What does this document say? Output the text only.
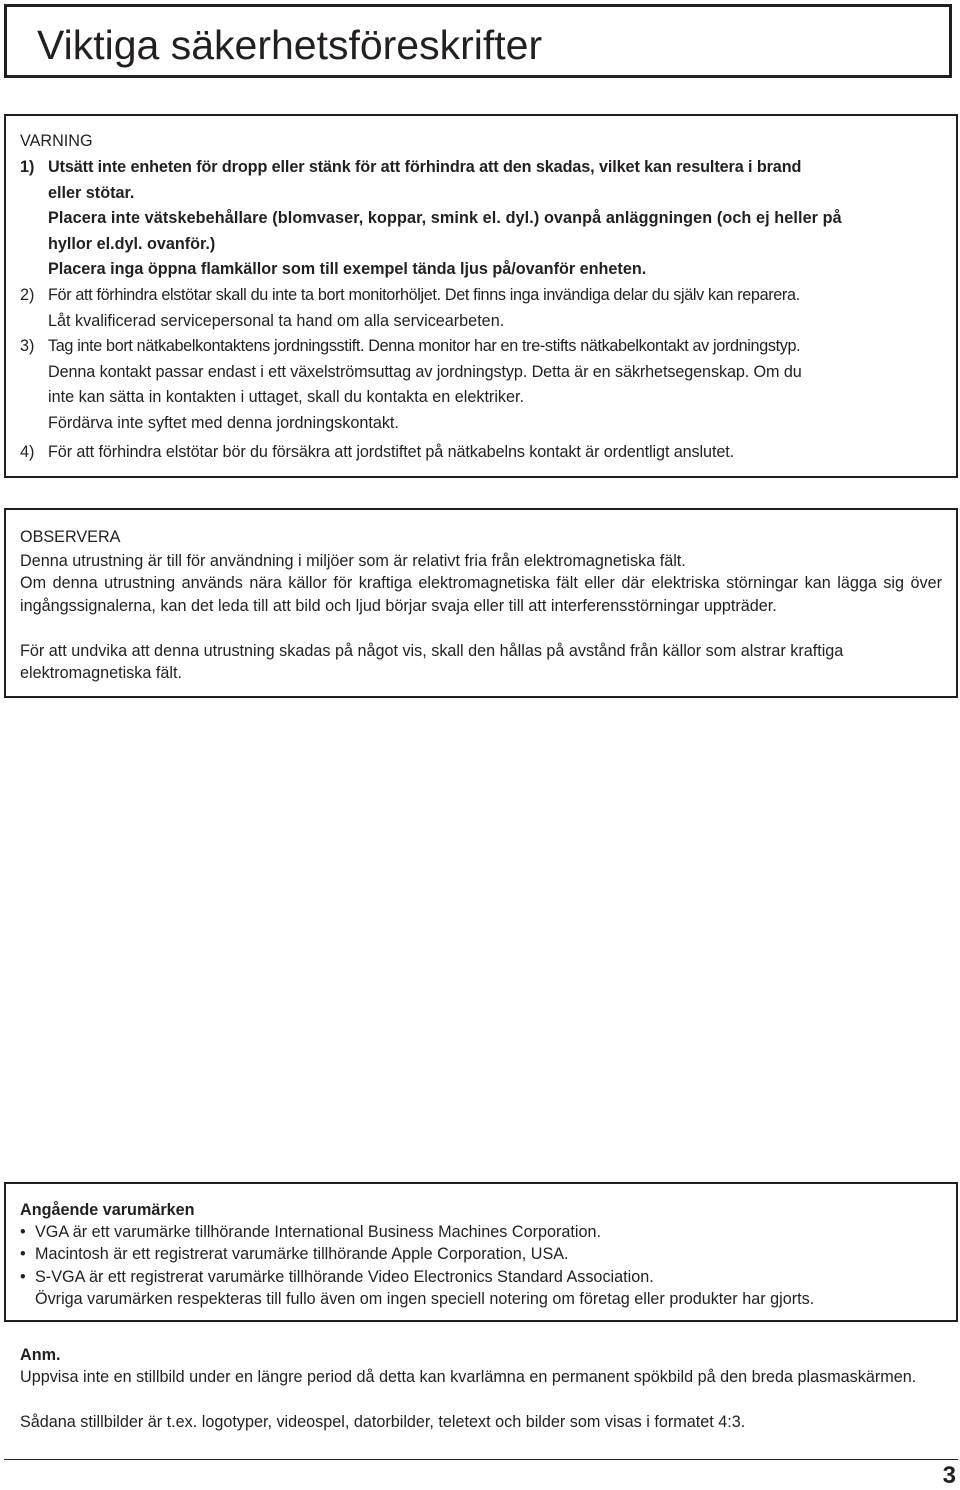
Viktiga säkerhetsföreskrifter
VARNING
1) Utsätt inte enheten för dropp eller stänk för att förhindra att den skadas, vilket kan resultera i brand
eller stötar.
Placera inte vätskebehållare (blomvaser, koppar, smink el. dyl.) ovanpå anläggningen (och ej heller på
hyllor el.dyl. ovanför.)
Placera inga öppna flamkällor som till exempel tända ljus på/ovanför enheten.
2) För att förhindra elstötar skall du inte ta bort monitorhöljet. Det finns inga invändiga delar du själv kan reparera.
Låt kvalificerad servicepersonal ta hand om alla servicearbeten.
3) Tag inte bort nätkabelkontaktens jordningsstift. Denna monitor har en tre-stifts nätkabelkontakt av jordningstyp.
Denna kontakt passar endast i ett växelströmsuttag av jordningstyp. Detta är en säkrhetsegenskap. Om du
inte kan sätta in kontakten i uttaget, skall du kontakta en elektriker.
Fördärva inte syftet med denna jordningskontakt.
4) För att förhindra elstötar bör du försäkra att jordstiftet på nätkabelns kontakt är ordentligt anslutet.
OBSERVERA

Denna utrustning är till för användning i miljöer som är relativt fria från elektromagnetiska fält.

Om denna utrustning används nära källor för kraftiga elektromagnetiska fält eller där elektriska störningar kan lägga sig över ingångssignalerna, kan det leda till att bild och ljud börjar svaja eller till att interferensstörningar uppträder.

För att undvika att denna utrustning skadas på något vis, skall den hållas på avstånd från källor som alstrar kraftiga elektromagnetiska fält.

Angående varumärken
• VGA är ett varumärke tillhörande International Business Machines Corporation.
• Macintosh är ett registrerat varumärke tillhörande Apple Corporation, USA.
• S-VGA är ett registrerat varumärke tillhörande Video Electronics Standard Association.
Övriga varumärken respekteras till fullo även om ingen speciell notering om företag eller produkter har gjorts.
Anm.

Uppvisa inte en stillbild under en längre period då detta kan kvarlämna en permanent spökbild på den breda plasmaskärmen.

Sådana stillbilder är t.ex. logotyper, videospel, datorbilder, teletext och bilder som visas i formatet 4:3.

3
